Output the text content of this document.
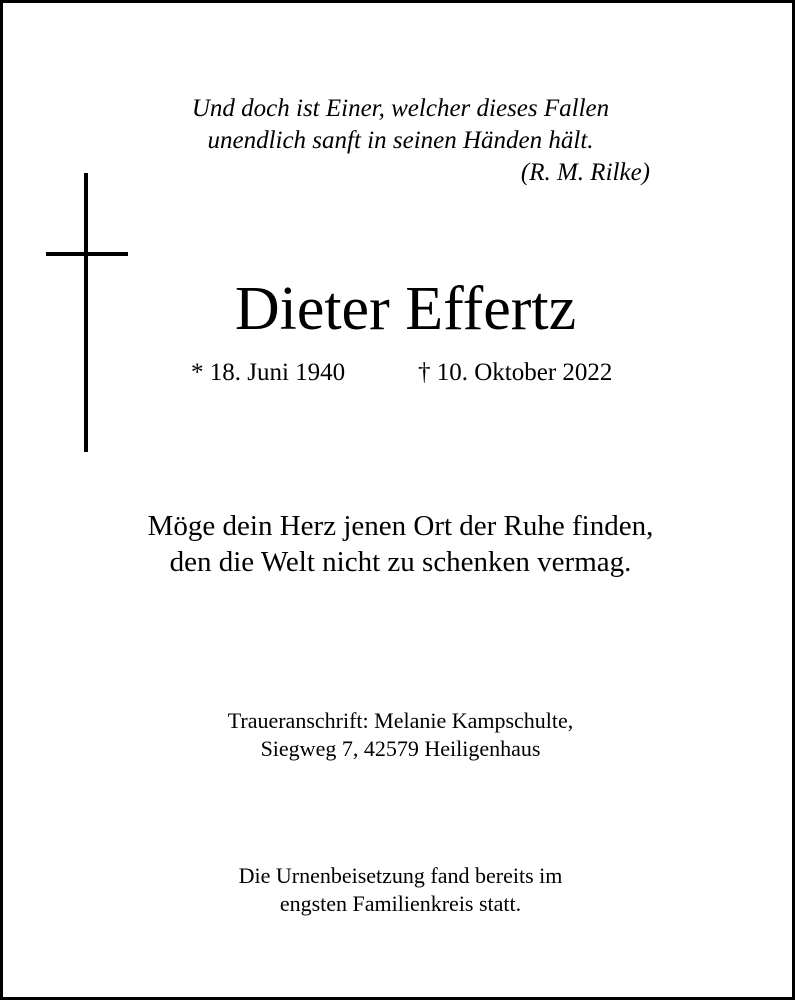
Und doch ist Einer, welcher dieses Fallen
unendlich sanft in seinen Händen hält.
(R. M. Rilke)
Dieter Effertz
* 18. Juni 1940	† 10. Oktober 2022
Möge dein Herz jenen Ort der Ruhe finden,
den die Welt nicht zu schenken vermag.
Traueranschrift: Melanie Kampschulte,
Siegweg 7, 42579 Heiligenhaus
Die Urnenbeisetzung fand bereits im
engsten Familienkreis statt.
